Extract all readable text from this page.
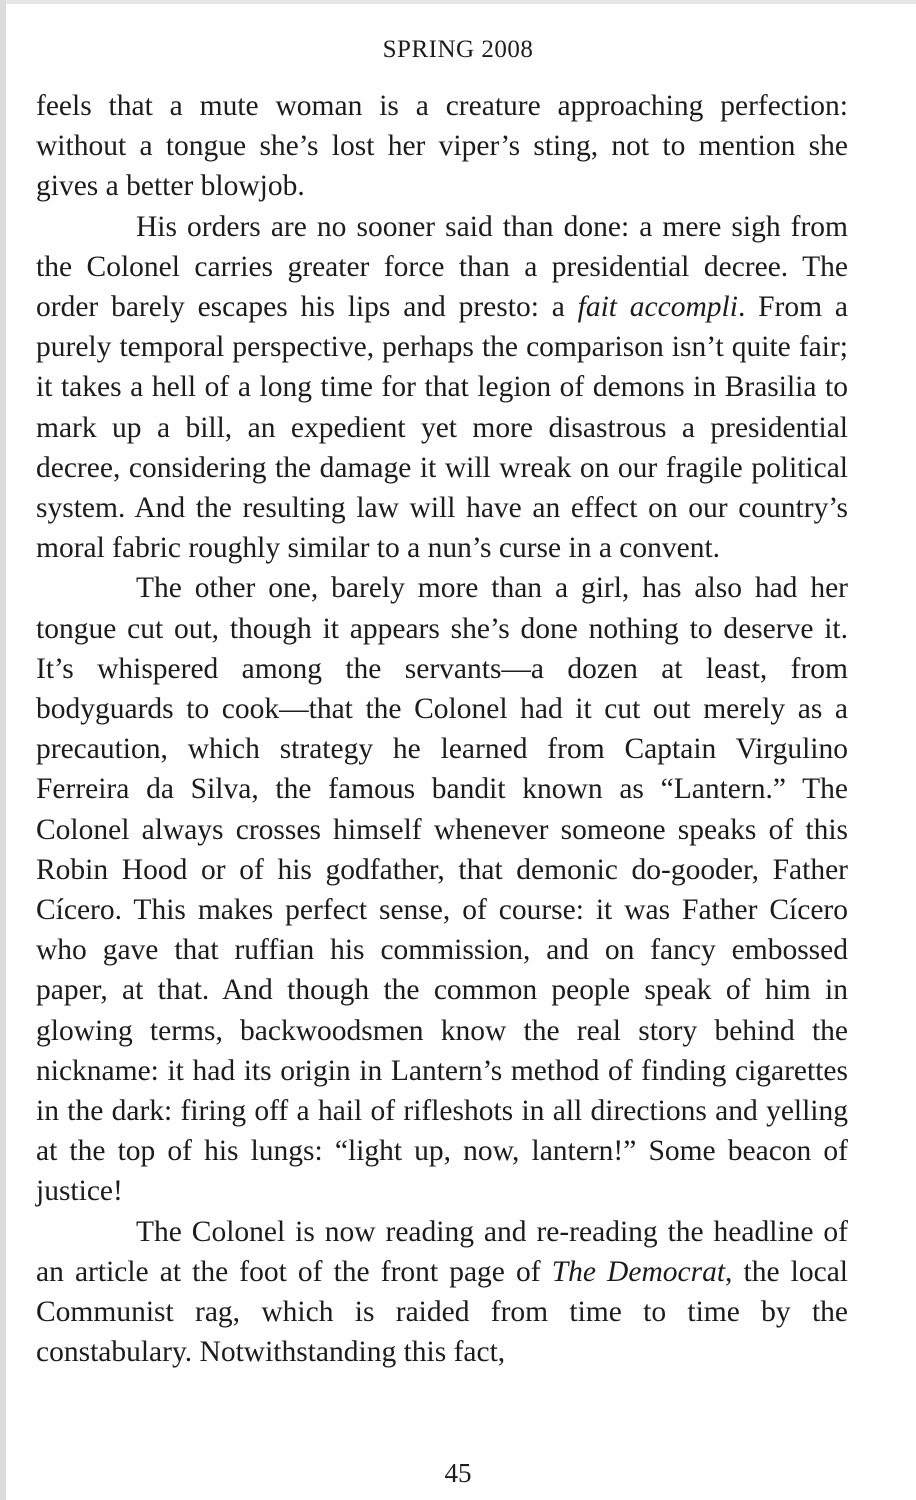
SPRING 2008

feels that a mute woman is a creature approaching perfection: without a tongue she’s lost her viper’s sting, not to mention she gives a better blowjob.

His orders are no sooner said than done: a mere sigh from the Colonel carries greater force than a presidential decree. The order barely escapes his lips and presto: a fait accompli. From a purely temporal perspective, perhaps the comparison isn’t quite fair; it takes a hell of a long time for that legion of demons in Brasilia to mark up a bill, an expedient yet more disastrous a presidential decree, considering the damage it will wreak on our fragile political system. And the resulting law will have an effect on our country’s moral fabric roughly similar to a nun’s curse in a convent.

The other one, barely more than a girl, has also had her tongue cut out, though it appears she’s done nothing to deserve it. It’s whispered among the servants—a dozen at least, from bodyguards to cook—that the Colonel had it cut out merely as a precaution, which strategy he learned from Captain Virgulino Ferreira da Silva, the famous bandit known as “Lantern.” The Colonel always crosses himself whenever someone speaks of this Robin Hood or of his godfather, that demonic do-gooder, Father Cícero. This makes perfect sense, of course: it was Father Cícero who gave that ruffian his commission, and on fancy embossed paper, at that. And though the common people speak of him in glowing terms, backwoodsmen know the real story behind the nickname: it had its origin in Lantern’s method of finding cigarettes in the dark: firing off a hail of rifleshots in all directions and yelling at the top of his lungs: “light up, now, lantern!” Some beacon of justice!

The Colonel is now reading and re-reading the headline of an article at the foot of the front page of The Democrat, the local Communist rag, which is raided from time to time by the constabulary. Notwithstanding this fact,

45
